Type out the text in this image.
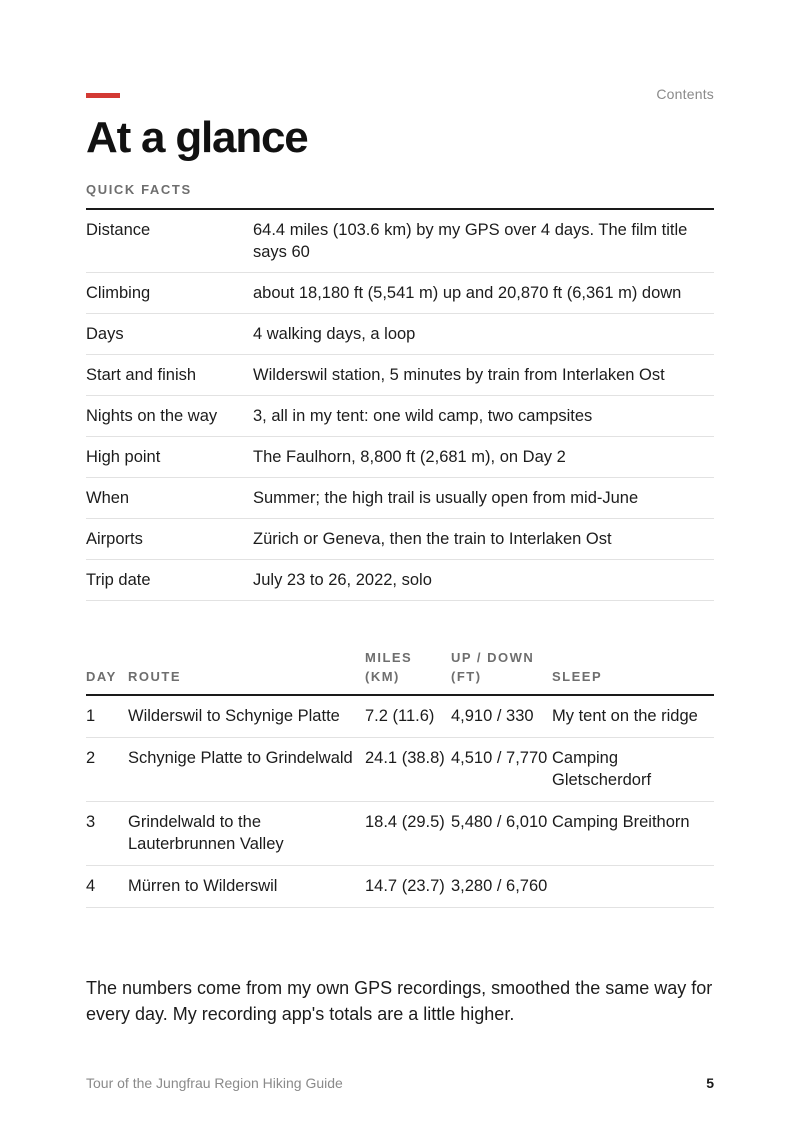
Contents
At a glance
QUICK FACTS
Distance	64.4 miles (103.6 km) by my GPS over 4 days. The film title says 60
Climbing	about 18,180 ft (5,541 m) up and 20,870 ft (6,361 m) down
Days	4 walking days, a loop
Start and finish	Wilderswil station, 5 minutes by train from Interlaken Ost
Nights on the way	3, all in my tent: one wild camp, two campsites
High point	The Faulhorn, 8,800 ft (2,681 m), on Day 2
When	Summer; the high trail is usually open from mid-June
Airports	Zürich or Geneva, then the train to Interlaken Ost
Trip date	July 23 to 26, 2022, solo
DAY	ROUTE	MILES (KM)	UP / DOWN (FT)	SLEEP
1	Wilderswil to Schynige Platte	7.2 (11.6)	4,910 / 330	My tent on the ridge
2	Schynige Platte to Grindelwald	24.1 (38.8)	4,510 / 7,770	Camping Gletscherdorf
3	Grindelwald to the Lauterbrunnen Valley	18.4 (29.5)	5,480 / 6,010	Camping Breithorn
4	Mürren to Wilderswil	14.7 (23.7)	3,280 / 6,760	

The numbers come from my own GPS recordings, smoothed the same way for every day. My recording app's totals are a little higher.

Tour of the Jungfrau Region Hiking Guide	5
